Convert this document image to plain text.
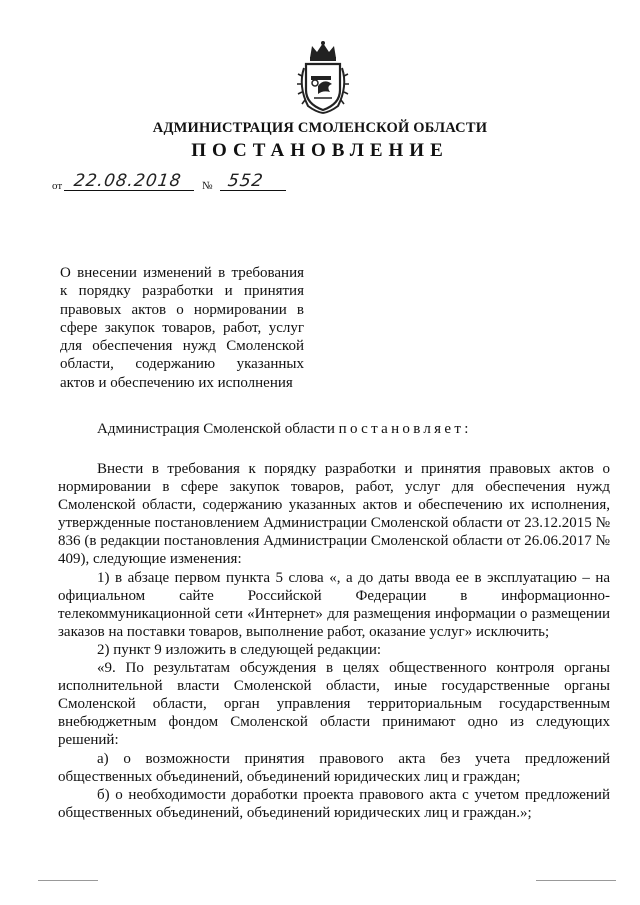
АДМИНИСТРАЦИЯ СМОЛЕНСКОЙ ОБЛАСТИ
ПОСТАНОВЛЕНИЕ
от 22.08.2018 № 552
О внесении изменений в требования к порядку разработки и принятия правовых актов о нормировании в сфере закупок товаров, работ, услуг для обеспечения нужд Смоленской области, содержанию указанных актов и обеспечению их исполнения
Администрация Смоленской области постановляет:

Внести в требования к порядку разработки и принятия правовых актов о нормировании в сфере закупок товаров, работ, услуг для обеспечения нужд Смоленской области, содержанию указанных актов и обеспечению их исполнения, утвержденные постановлением Администрации Смоленской области от 23.12.2015 № 836 (в редакции постановления Администрации Смоленской области от 26.06.2017 № 409), следующие изменения:

1) в абзаце первом пункта 5 слова «, а до даты ввода ее в эксплуатацию – на официальном сайте Российской Федерации в информационно-телекоммуникационной сети «Интернет» для размещения информации о размещении заказов на поставки товаров, выполнение работ, оказание услуг» исключить;

2) пункт 9 изложить в следующей редакции:

«9. По результатам обсуждения в целях общественного контроля органы исполнительной власти Смоленской области, иные государственные органы Смоленской области, орган управления территориальным государственным внебюджетным фондом Смоленской области принимают одно из следующих решений:

а) о возможности принятия правового акта без учета предложений общественных объединений, объединений юридических лиц и граждан;

б) о необходимости доработки проекта правового акта с учетом предложений общественных объединений, объединений юридических лиц и граждан.»;
